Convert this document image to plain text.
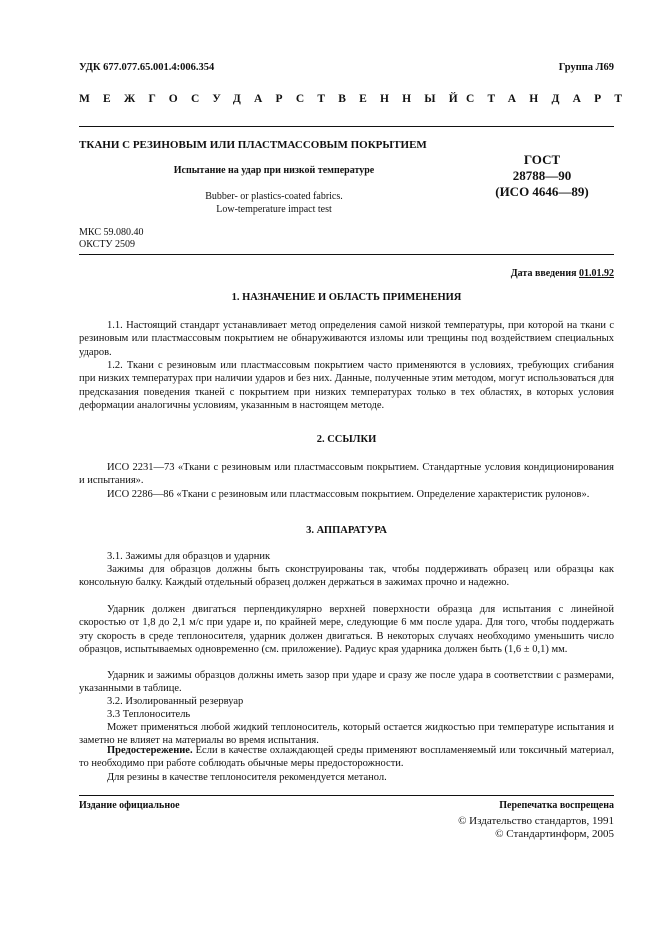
УДК 677.077.65.001.4:006.354	Группа Л69
МЕЖГОСУДАРСТВЕННЫЙ
СТАНДАРТ
ТКАНИ С РЕЗИНОВЫМ ИЛИ ПЛАСТМАССОВЫМ ПОКРЫТИЕМ
Испытание на удар при низкой температуре
Bubber- or plastics-coated fabrics.
Low-temperature impact test
ГОСТ
28788—90
(ИСО 4646—89)
МКС 59.080.40
ОКСТУ 2509
Дата введения 01.01.92
1. НАЗНАЧЕНИЕ И ОБЛАСТЬ ПРИМЕНЕНИЯ
1.1. Настоящий стандарт устанавливает метод определения самой низкой температуры, при которой на ткани с резиновым или пластмассовым покрытием не обнаруживаются изломы или трещины под воздействием специальных ударов.
1.2. Ткани с резиновым или пластмассовым покрытием часто применяются в условиях, требующих сгибания при низких температурах при наличии ударов и без них. Данные, полученные этим методом, могут использоваться для предсказания поведения тканей с покрытием при низких температурах только в тех областях, в которых условия деформации аналогичны условиям, указанным в настоящем методе.
2. ССЫЛКИ
ИСО 2231—73 «Ткани с резиновым или пластмассовым покрытием. Стандартные условия кондиционирования и испытания».
ИСО 2286—86 «Ткани с резиновым или пластмассовым покрытием. Определение характеристик рулонов».
3. АППАРАТУРА
3.1. Зажимы для образцов и ударник
Зажимы для образцов должны быть сконструированы так, чтобы поддерживать образец или образцы как консольную балку. Каждый отдельный образец должен держаться в зажимах прочно и надежно.
Ударник должен двигаться перпендикулярно верхней поверхности образца для испытания с линейной скоростью от 1,8 до 2,1 м/с при ударе и, по крайней мере, следующие 6 мм после удара. Для того, чтобы поддержать эту скорость в среде теплоносителя, ударник должен двигаться. В некоторых случаях необходимо уменьшить число образцов, испытываемых одновременно (см. приложение). Радиус края ударника должен быть (1,6 ± 0,1) мм.
Ударник и зажимы образцов должны иметь зазор при ударе и сразу же после удара в соответствии с размерами, указанными в таблице.
3.2. Изолированный резервуар
3.3 Теплоноситель
Может применяться любой жидкий теплоноситель, который остается жидкостью при температуре испытания и заметно не влияет на материалы во время испытания.
Предостережение. Если в качестве охлаждающей среды применяют воспламеняемый или токсичный материал, то необходимо при работе соблюдать обычные меры предосторожности.
Для резины в качестве теплоносителя рекомендуется метанол.
Издание официальное	Перепечатка воспрещена
© Издательство стандартов, 1991
© Стандартинформ, 2005
